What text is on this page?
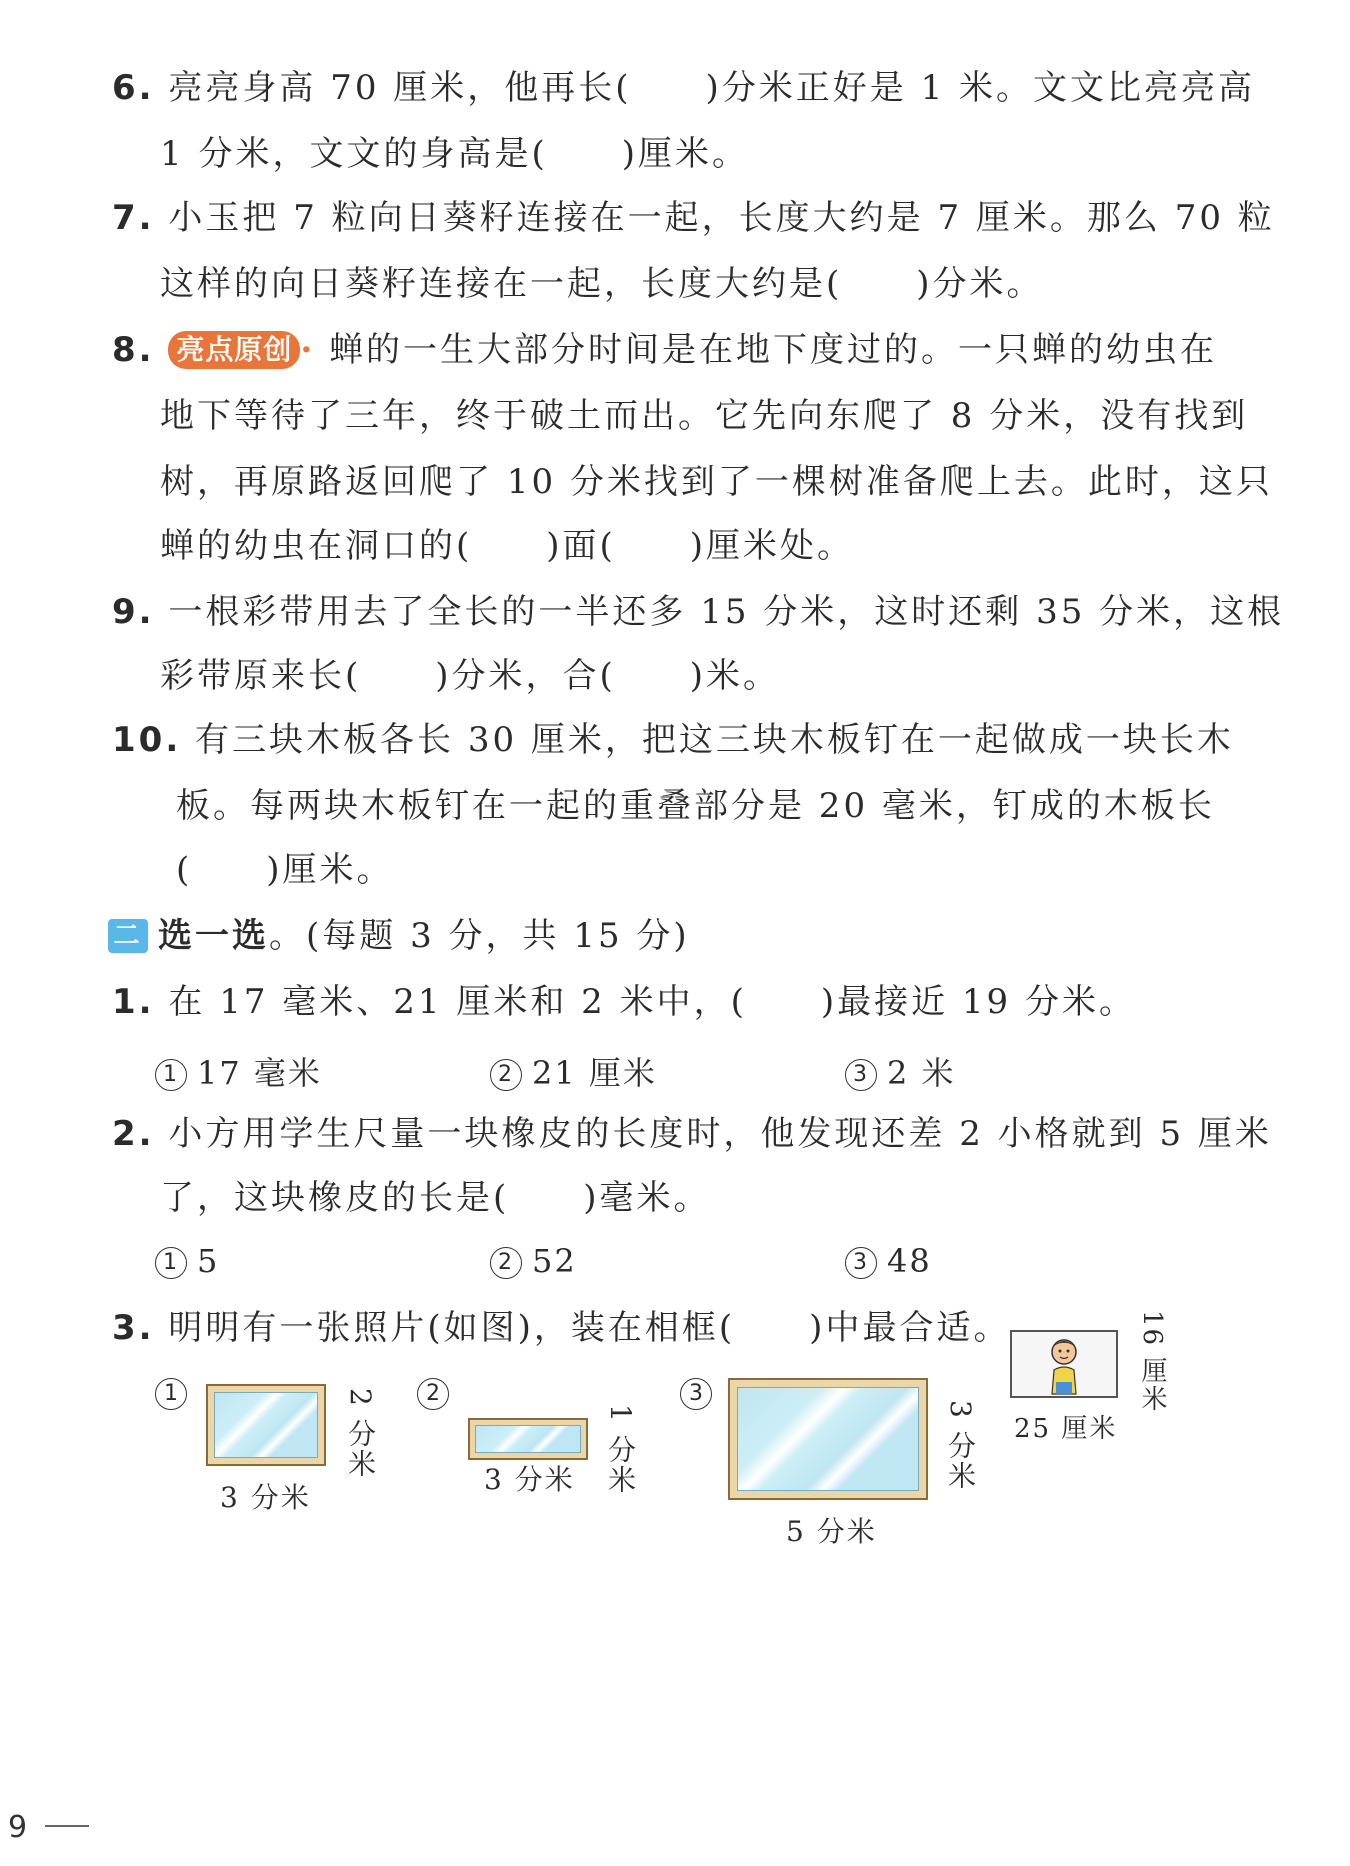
6. 亮亮身高 70 厘米，他再长(　　)分米正好是 1 米。文文比亮亮高
1 分米，文文的身高是(　　)厘米。
7. 小玉把 7 粒向日葵籽连接在一起，长度大约是 7 厘米。那么 70 粒
这样的向日葵籽连接在一起，长度大约是(　　)分米。
8. 亮点原创 · 蝉的一生大部分时间是在地下度过的。一只蝉的幼虫在
地下等待了三年，终于破土而出。它先向东爬了 8 分米，没有找到
树，再原路返回爬了 10 分米找到了一棵树准备爬上去。此时，这只
蝉的幼虫在洞口的(　　)面(　　)厘米处。
9. 一根彩带用去了全长的一半还多 15 分米，这时还剩 35 分米，这根
彩带原来长(　　)分米，合(　　)米。
10. 有三块木板各长 30 厘米，把这三块木板钉在一起做成一块长木
板。每两块木板钉在一起的重叠部分是 20 毫米，钉成的木板长
(　　)厘米。
二 选一选。(每题 3 分，共 15 分)
1. 在 17 毫米、21 厘米和 2 米中，(　　)最接近 19 分米。
1 17 毫米	2 21 厘米	3 2 米
2. 小方用学生尺量一块橡皮的长度时，他发现还差 2 小格就到 5 厘米
了，这块橡皮的长是(　　)毫米。
1 5	2 52	3 48
3. 明明有一张照片(如图)，装在相框(　　)中最合适。	16 厘米
25 厘米
1	2 分米
3 分米
2
1 分米
3 分米
3
3 分米
5 分米
9
